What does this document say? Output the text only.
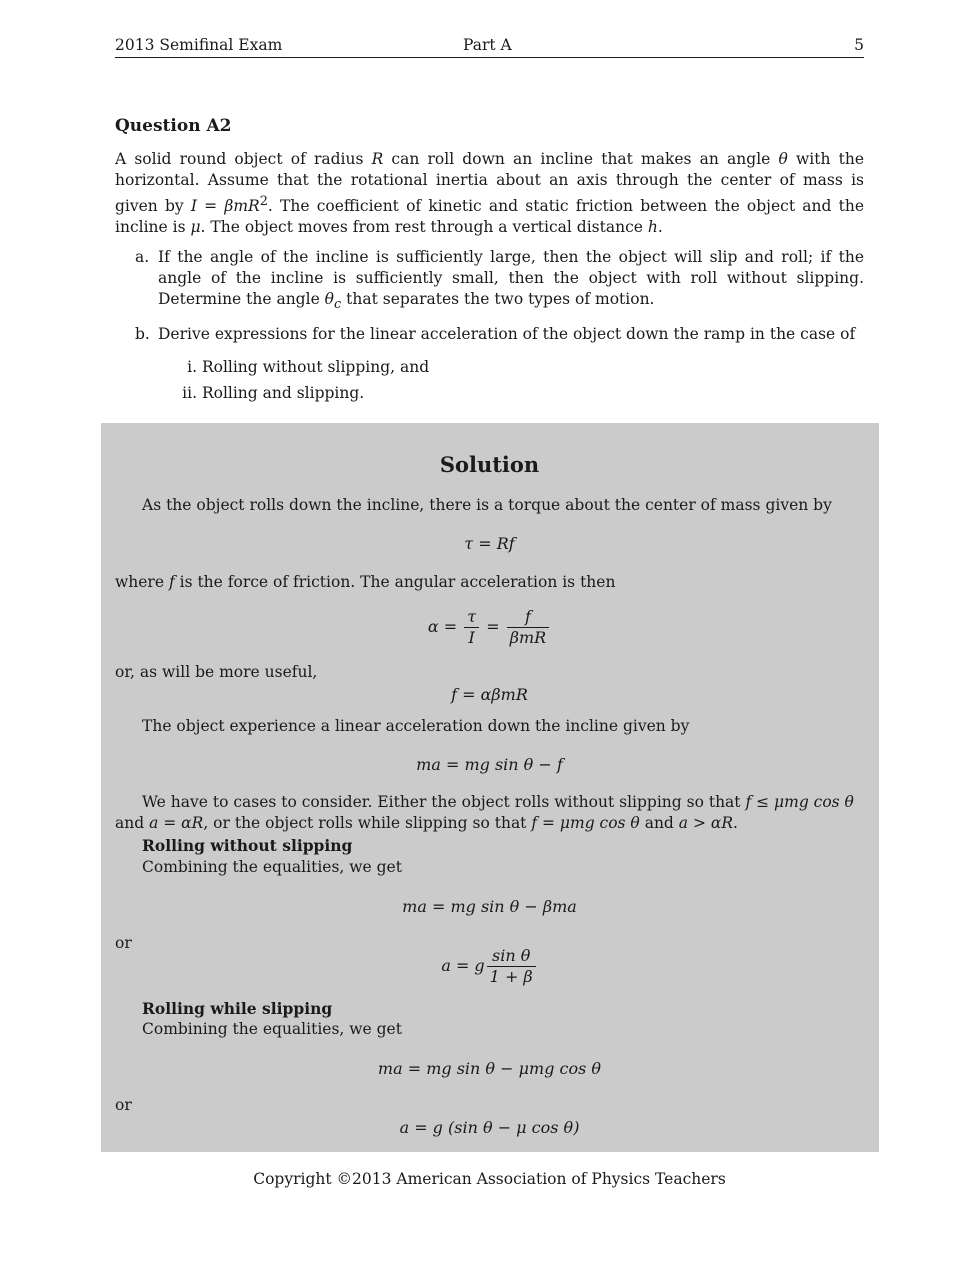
2013 Semifinal Exam	Part A	5
Question A2
A solid round object of radius R can roll down an incline that makes an angle θ with the horizontal. Assume that the rotational inertia about an axis through the center of mass is given by I = βmR$^2$. The coefficient of kinetic and static friction between the object and the incline is μ. The object moves from rest through a vertical distance h.
a. If the angle of the incline is sufficiently large, then the object will slip and roll; if the angle of the incline is sufficiently small, then the object with roll without slipping. Determine the angle $\theta_c$ that separates the two types of motion.
b. Derive expressions for the linear acceleration of the object down the ramp in the case of
i. Rolling without slipping, and
ii. Rolling and slipping.
Solution
As the object rolls down the incline, there is a torque about the center of mass given by
τ = Rf
where f is the force of friction. The angular acceleration is then
$\alpha = \frac{\tau}{I} = \frac{f}{\text{βmR}}$
or, as will be more useful,
f = αβmR
The object experience a linear acceleration down the incline given by
ma = mg sin θ − f
We have to cases to consider. Either the object rolls without slipping so that f ≤ μmg cos θ
and a = αR, or the object rolls while slipping so that f = μmg cos θ and a > αR.
Rolling without slipping
Combining the equalities, we get
ma = mg sin θ − βma
or
a = g $\frac{\text{sin θ}}{1 + \beta}$
Rolling while slipping
Combining the equalities, we get
ma = mg sin θ − μmg cos θ
or
a = g (sin θ − μ cos θ)
Copyright ©2013 American Association of Physics Teachers
